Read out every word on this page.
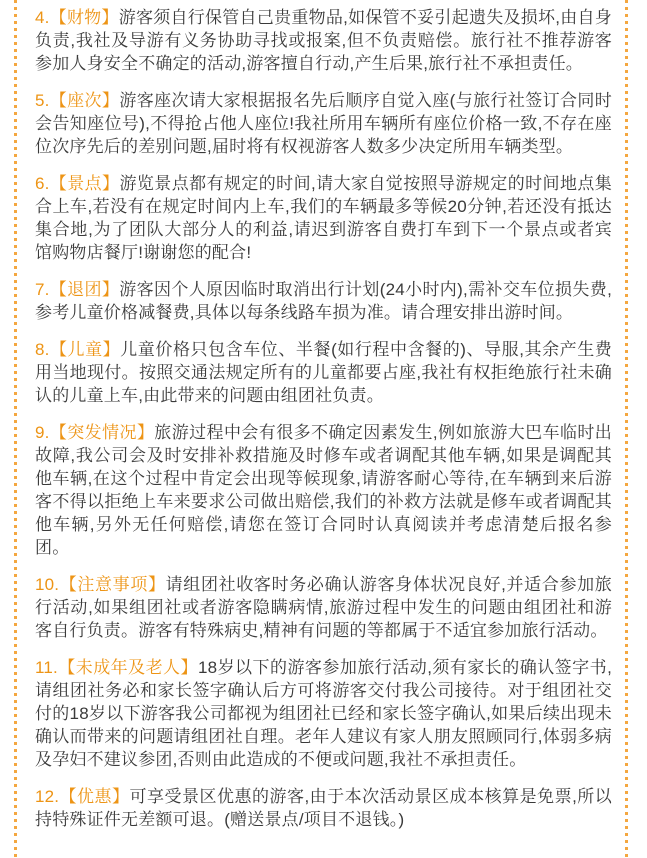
4.【财物】游客须自行保管自己贵重物品,如保管不妥引起遗失及损坏,由自身负责,我社及导游有义务协助寻找或报案,但不负责赔偿。旅行社不推荐游客参加人身安全不确定的活动,游客擅自行动,产生后果,旅行社不承担责任。

5.【座次】游客座次请大家根据报名先后顺序自觉入座(与旅行社签订合同时会告知座位号),不得抢占他人座位!我社所用车辆所有座位价格一致,不存在座位次序先后的差别问题,届时将有权视游客人数多少决定所用车辆类型。

6.【景点】游览景点都有规定的时间,请大家自觉按照导游规定的时间地点集合上车,若没有在规定时间内上车,我们的车辆最多等候20分钟,若还没有抵达集合地,为了团队大部分人的利益,请迟到游客自费打车到下一个景点或者宾馆购物店餐厅!谢谢您的配合!

7.【退团】游客因个人原因临时取消出行计划(24小时内),需补交车位损失费,参考儿童价格减餐费,具体以每条线路车损为准。请合理安排出游时间。

8.【儿童】儿童价格只包含车位、半餐(如行程中含餐的)、导服,其余产生费用当地现付。按照交通法规定所有的儿童都要占座,我社有权拒绝旅行社未确认的儿童上车,由此带来的问题由组团社负责。

9.【突发情况】旅游过程中会有很多不确定因素发生,例如旅游大巴车临时出故障,我公司会及时安排补救措施及时修车或者调配其他车辆,如果是调配其他车辆,在这个过程中肯定会出现等候现象,请游客耐心等待,在车辆到来后游客不得以拒绝上车来要求公司做出赔偿,我们的补救方法就是修车或者调配其他车辆,另外无任何赔偿,请您在签订合同时认真阅读并考虑清楚后报名参团。

10.【注意事项】请组团社收客时务必确认游客身体状况良好,并适合参加旅行活动,如果组团社或者游客隐瞒病情,旅游过程中发生的问题由组团社和游客自行负责。游客有特殊病史,精神有问题的等都属于不适宜参加旅行活动。

11.【未成年及老人】18岁以下的游客参加旅行活动,须有家长的确认签字书,请组团社务必和家长签字确认后方可将游客交付我公司接待。对于组团社交付的18岁以下游客我公司都视为组团社已经和家长签字确认,如果后续出现未确认而带来的问题请组团社自理。老年人建议有家人朋友照顾同行,体弱多病及孕妇不建议参团,否则由此造成的不便或问题,我社不承担责任。

12.【优惠】可享受景区优惠的游客,由于本次活动景区成本核算是免票,所以持特殊证件无差额可退。(赠送景点/项目不退钱。)
